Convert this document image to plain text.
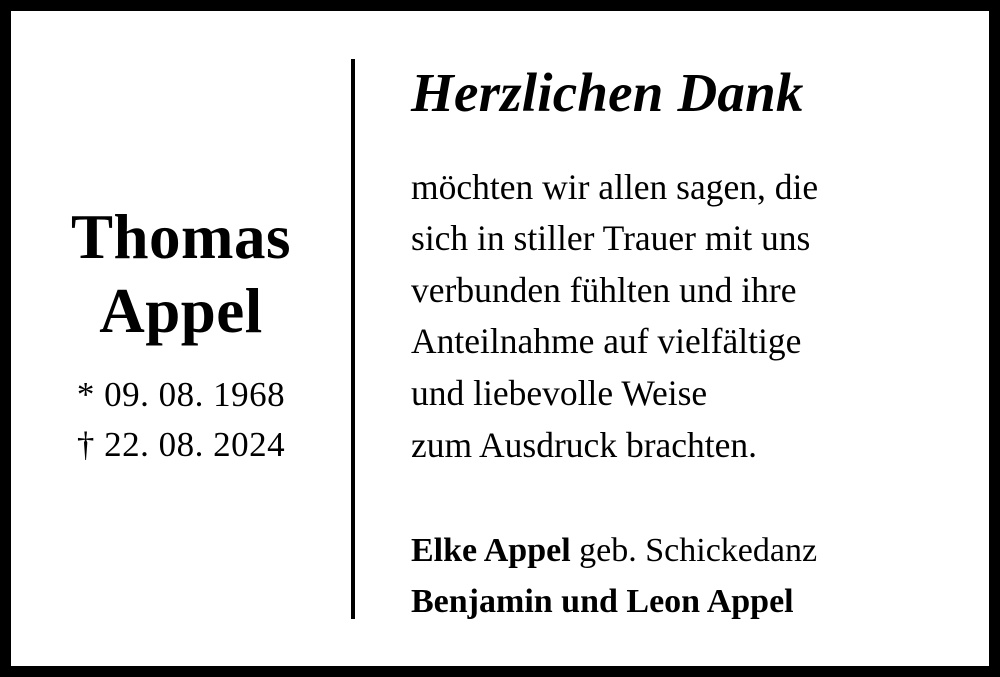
Thomas
Appel
* 09. 08. 1968
† 22. 08. 2024
Herzlichen Dank
möchten wir allen sagen, die
sich in stiller Trauer mit uns
verbunden fühlten und ihre
Anteilnahme auf vielfältige
und liebevolle Weise
zum Ausdruck brachten.
Elke Appel geb. Schickedanz
Benjamin und Leon Appel
